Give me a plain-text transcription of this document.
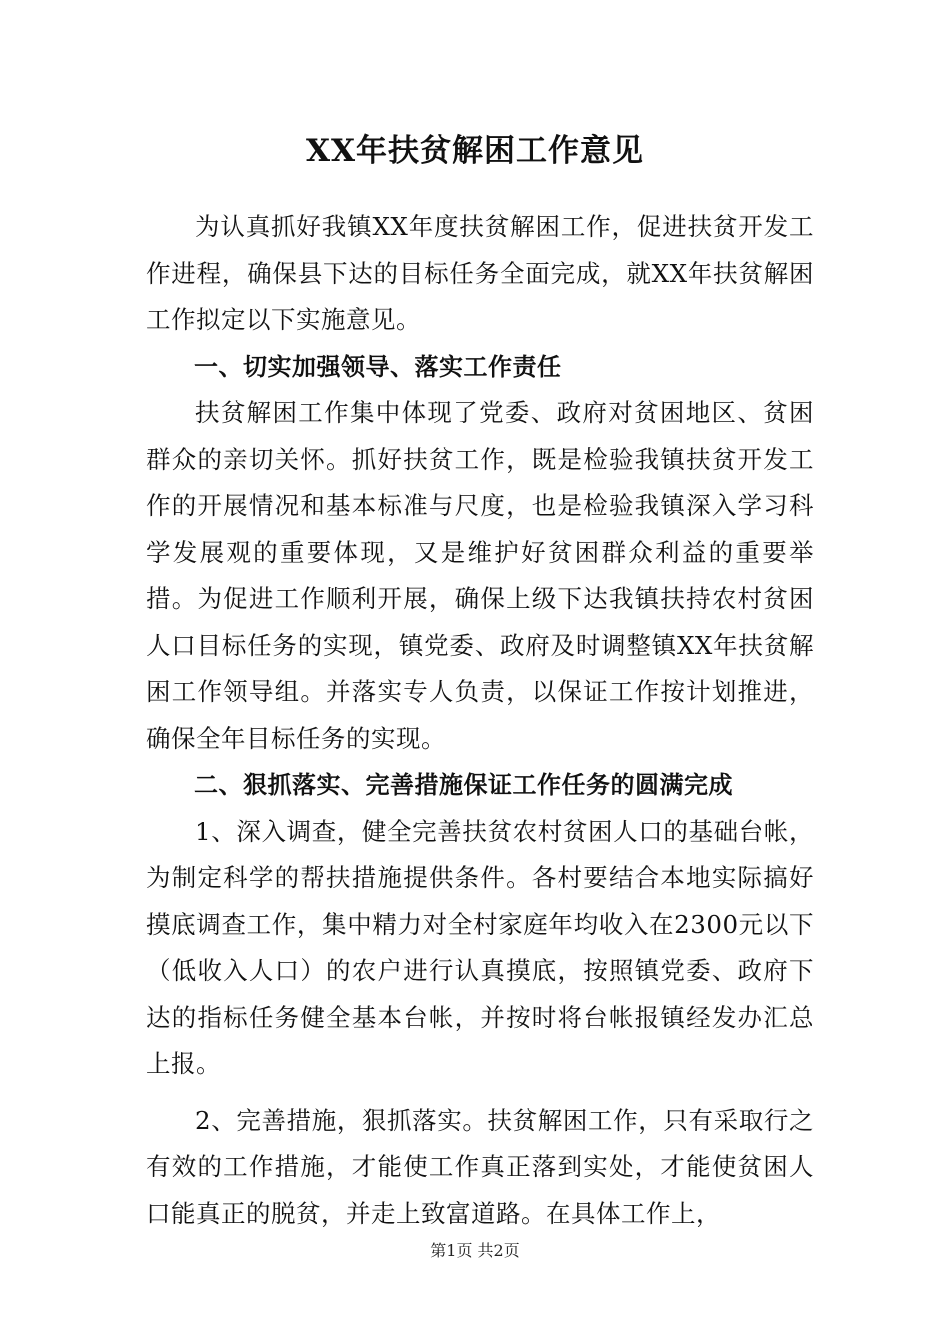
XX年扶贫解困工作意见

为认真抓好我镇XX年度扶贫解困工作，促进扶贫开发工作进程，确保县下达的目标任务全面完成，就XX年扶贫解困工作拟定以下实施意见。

一、切实加强领导、落实工作责任

扶贫解困工作集中体现了党委、政府对贫困地区、贫困群众的亲切关怀。抓好扶贫工作，既是检验我镇扶贫开发工作的开展情况和基本标准与尺度，也是检验我镇深入学习科学发展观的重要体现，又是维护好贫困群众利益的重要举措。为促进工作顺利开展，确保上级下达我镇扶持农村贫困人口目标任务的实现，镇党委、政府及时调整镇XX年扶贫解困工作领导组。并落实专人负责，以保证工作按计划推进，确保全年目标任务的实现。

二、狠抓落实、完善措施保证工作任务的圆满完成

1、深入调查，健全完善扶贫农村贫困人口的基础台帐，为制定科学的帮扶措施提供条件。各村要结合本地实际搞好摸底调查工作，集中精力对全村家庭年均收入在2300元以下（低收入人口）的农户进行认真摸底，按照镇党委、政府下达的指标任务健全基本台帐，并按时将台帐报镇经发办汇总上报。

2、完善措施，狠抓落实。扶贫解困工作，只有采取行之有效的工作措施，才能使工作真正落到实处，才能使贫困人口能真正的脱贫，并走上致富道路。在具体工作上，

第1页 共2页
